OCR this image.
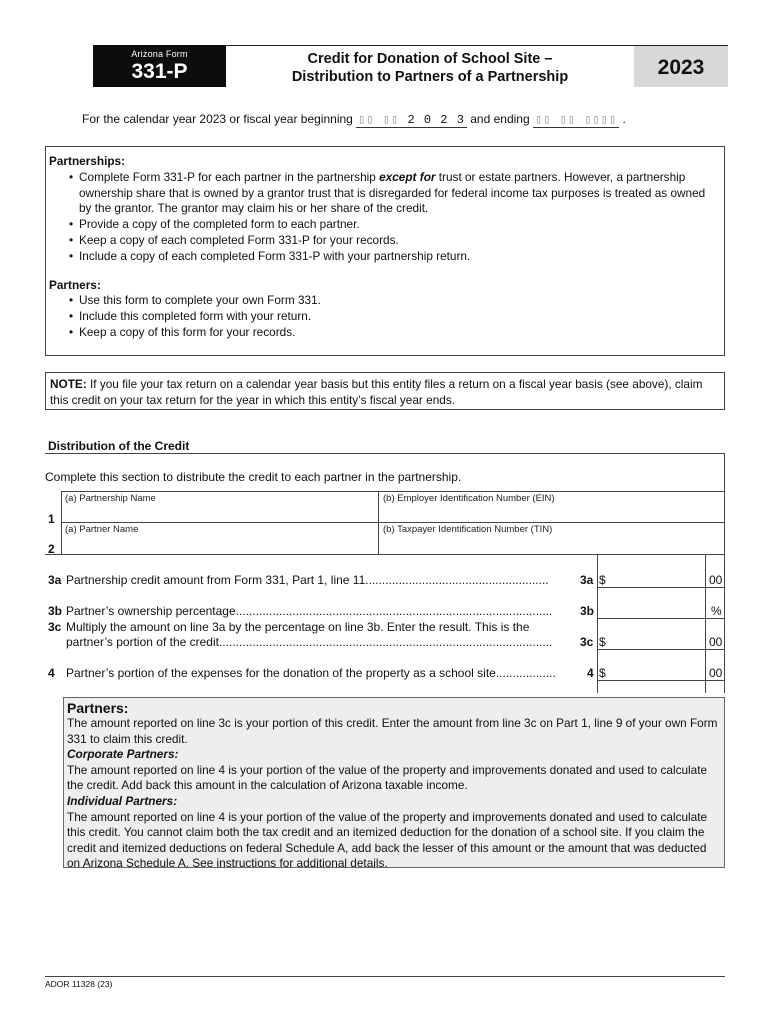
Arizona Form
331-P
Credit for Donation of School Site –
Distribution to Partners of a Partnership	2023
For the calendar year 2023 or fiscal year beginning ▯▯ ▯▯ 2 0 2 3 and ending ▯▯ ▯▯ ▯▯▯▯ .
Partnerships:
• Complete Form 331-P for each partner in the partnership except for trust or estate partners. However, a partnership ownership share that is owned by a grantor trust that is disregarded for federal income tax purposes is treated as owned by the grantor. The grantor may claim his or her share of the credit.
• Provide a copy of the completed form to each partner.
• Keep a copy of each completed Form 331-P for your records.
• Include a copy of each completed Form 331-P with your partnership return.
Partners:
• Use this form to complete your own Form 331.
• Include this completed form with your return.
• Keep a copy of this form for your records.
NOTE: If you file your tax return on a calendar year basis but this entity files a return on a fiscal year basis (see above), claim this credit on your tax return for the year in which this entity’s fiscal year ends.
Distribution of the Credit
Complete this section to distribute the credit to each partner in the partnership.
(a) Partnership Name	(b) Employer Identification Number (EIN)
1
(a) Partner Name	(b) Taxpayer Identification Number (TIN)
2
3a Partnership credit amount from Form 331, Part 1, line 11.......................................................	3a $	00
3b Partner’s ownership percentage...............................................................................................	3b	%
3c Multiply the amount on line 3a by the percentage on line 3b. Enter the result. This is the
partner’s portion of the credit....................................................................................................	3c $	00
4 Partner’s portion of the expenses for the donation of the property as a school site..................	4 $	00
Partners:
The amount reported on line 3c is your portion of this credit. Enter the amount from line 3c on Part 1, line 9 of your own Form 331 to claim this credit.
Corporate Partners:
The amount reported on line 4 is your portion of the value of the property and improvements donated and used to calculate the credit. Add back this amount in the calculation of Arizona taxable income.
Individual Partners:
The amount reported on line 4 is your portion of the value of the property and improvements donated and used to calculate this credit. You cannot claim both the tax credit and an itemized deduction for the donation of a school site. If you claim the credit and itemized deductions on federal Schedule A, add back the lesser of this amount or the amount that was deducted on Arizona Schedule A. See instructions for additional details.
ADOR 11328 (23)
